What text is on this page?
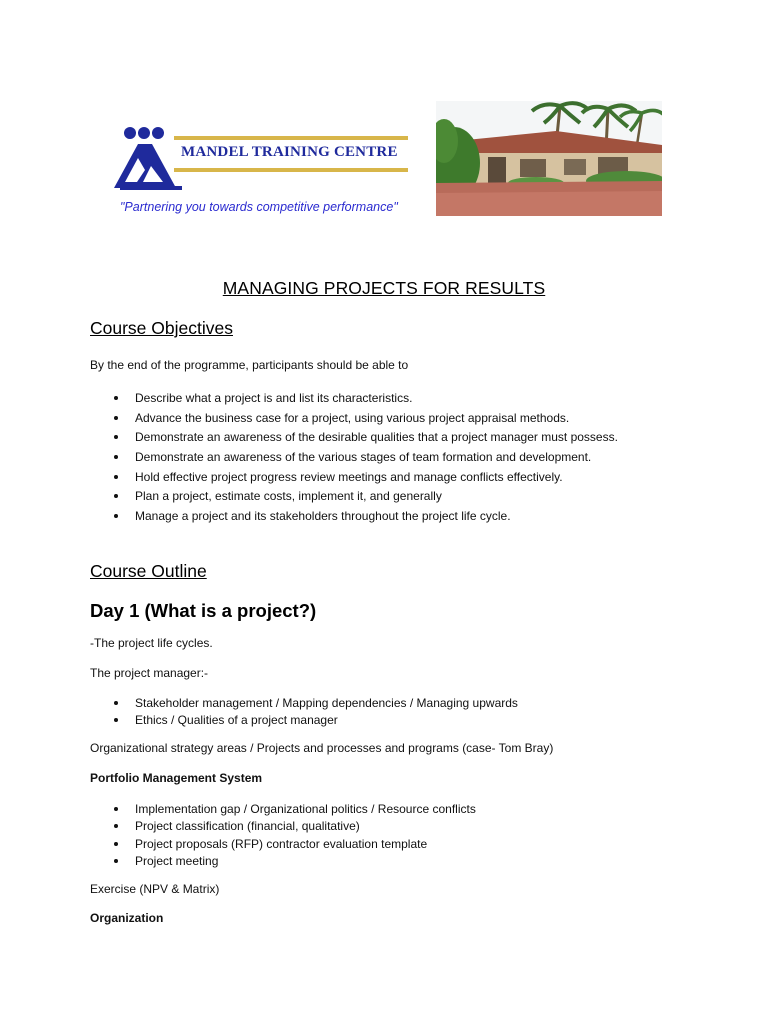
MANDEL TRAINING CENTRE
"Partnering you towards competitive performance"
MANAGING PROJECTS FOR RESULTS
Course Objectives
By the end of the programme, participants should be able to
Describe what a project is and list its characteristics.
Advance the business case for a project, using various project appraisal methods.
Demonstrate an awareness of the desirable qualities that a project manager must possess.
Demonstrate an awareness of the various stages of team formation and development.
Hold effective project progress review meetings and manage conflicts effectively.
Plan a project, estimate costs, implement it, and generally
Manage a project and its stakeholders throughout the project life cycle.
Course Outline
Day 1 (What is a project?)
-The project life cycles.
The project manager:-
Stakeholder management / Mapping dependencies / Managing upwards
Ethics / Qualities of a project manager
Organizational strategy areas / Projects and processes and programs (case- Tom Bray)
Portfolio Management System
Implementation gap / Organizational politics / Resource conflicts
Project classification (financial, qualitative)
Project proposals (RFP) contractor evaluation template
Project meeting
Exercise (NPV & Matrix)
Organization
